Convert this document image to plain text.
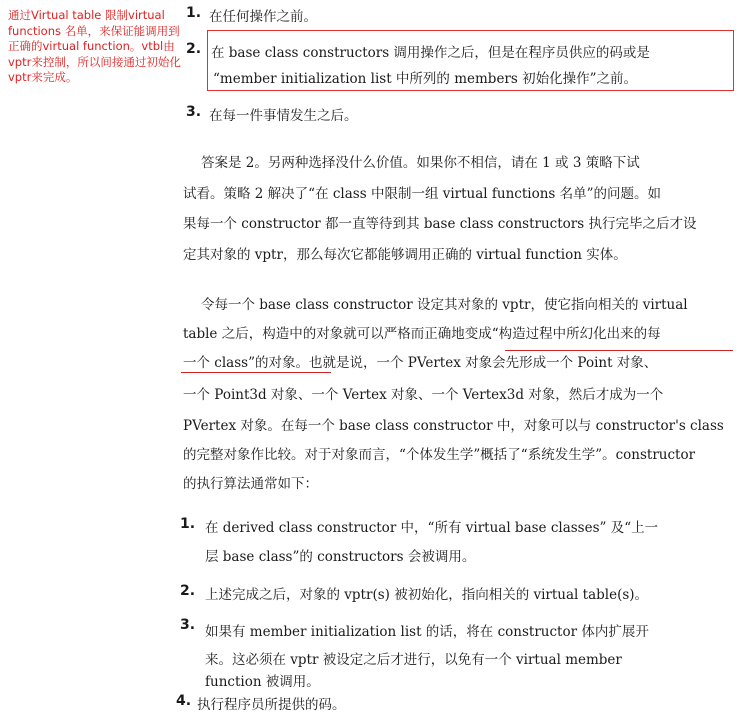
通过Virtual table 限制virtual functions 名单，来保证能调用到正确的virtual function。vtbl由vptr来控制，所以间接通过初始化vptr来完成。
1. 在任何操作之前。
2. 在 base class constructors 调用操作之后，但是在程序员供应的码或是
“member initialization list 中所列的 members 初始化操作”之前。
3. 在每一件事情发生之后。
答案是 2。另两种选择没什么价值。如果你不相信，请在 1 或 3 策略下试
试看。策略 2 解决了“在 class 中限制一组 virtual functions 名单”的问题。如
果每一个 constructor 都一直等待到其 base class constructors 执行完毕之后才设
定其对象的 vptr，那么每次它都能够调用正确的 virtual function 实体。
令每一个 base class constructor 设定其对象的 vptr，使它指向相关的 virtual
table 之后，构造中的对象就可以严格而正确地变成“构造过程中所幻化出来的每
一个 class”的对象。也就是说，一个 PVertex 对象会先形成一个 Point 对象、
一个 Point3d 对象、一个 Vertex 对象、一个 Vertex3d 对象，然后才成为一个
PVertex 对象。在每一个 base class constructor 中，对象可以与 constructor's class
的完整对象作比较。对于对象而言，“个体发生学”概括了“系统发生学”。constructor
的执行算法通常如下：
1. 在 derived class constructor 中，“所有 virtual base classes” 及“上一
层 base class”的 constructors 会被调用。
2. 上述完成之后，对象的 vptr(s) 被初始化，指向相关的 virtual table(s)。
3. 如果有 member initialization list 的话，将在 constructor 体内扩展开
来。这必须在 vptr 被设定之后才进行，以免有一个 virtual member
function 被调用。
4. 执行程序员所提供的码。
